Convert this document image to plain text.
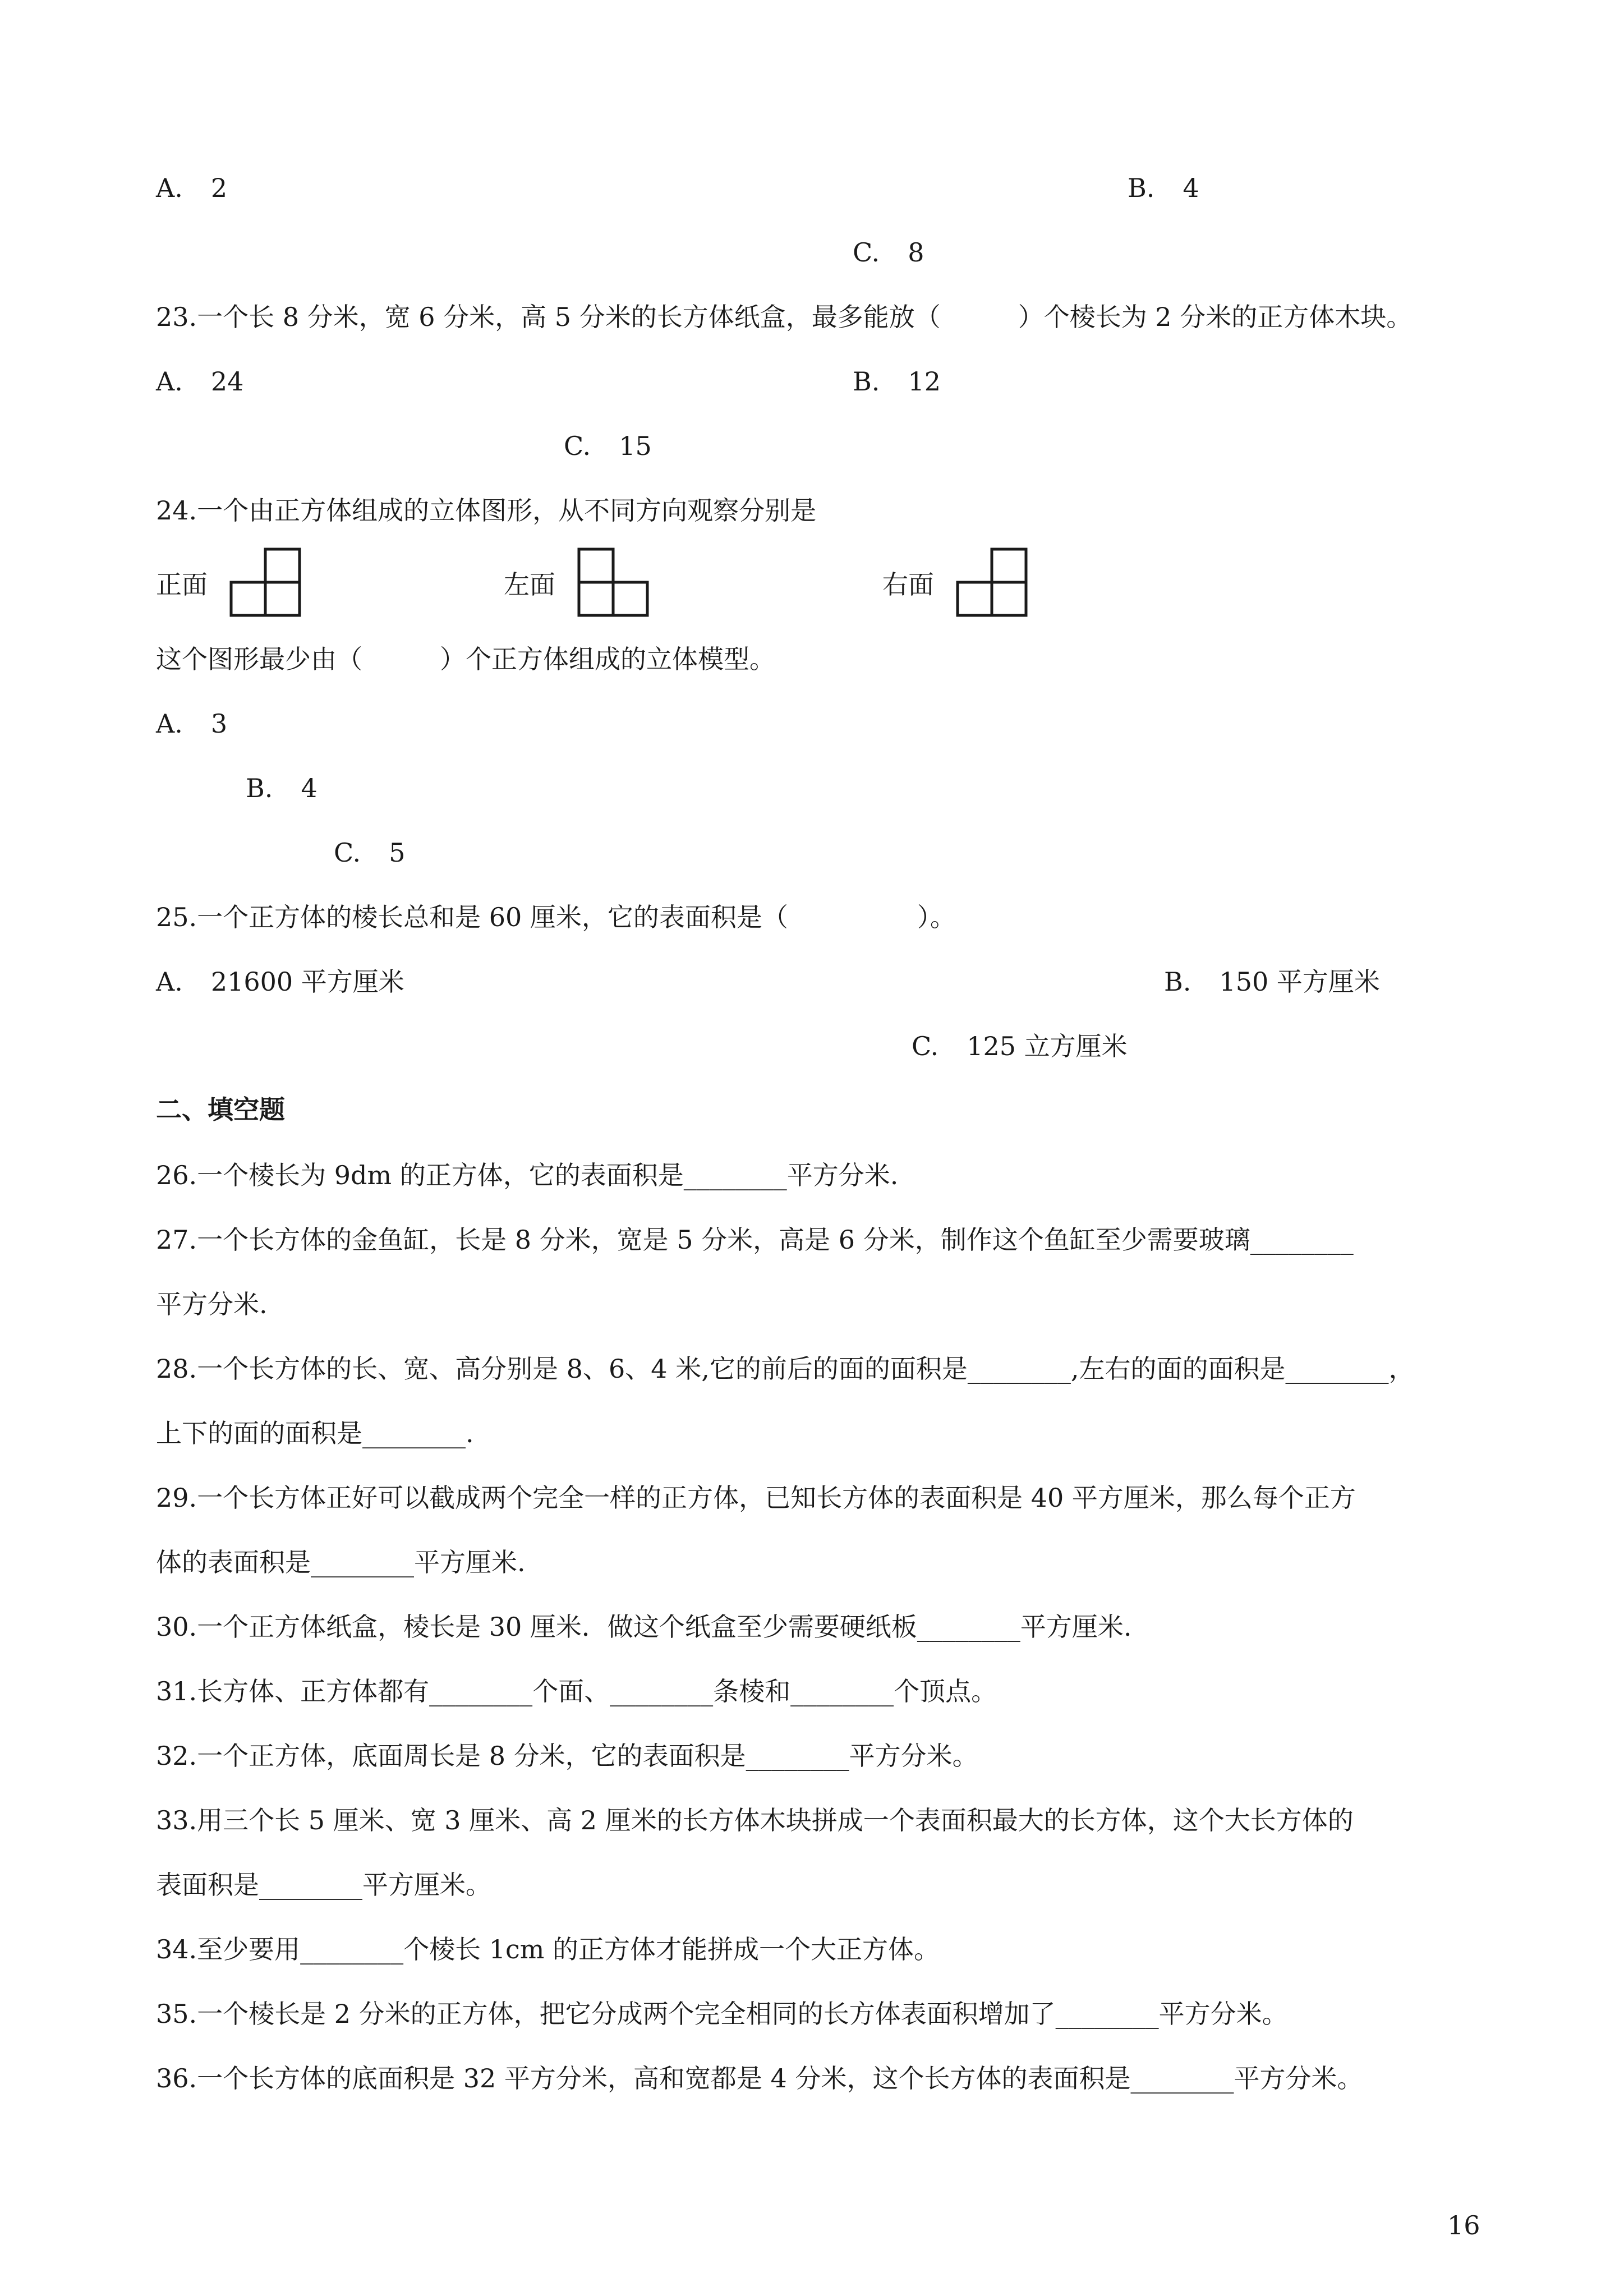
A. 2	B. 4
C. 8
23.一个长 8 分米，宽 6 分米，高 5 分米的长方体纸盒，最多能放（　　　）个棱长为 2 分米的正方体木块。
A. 24	B. 12
C. 15
24.一个由正方体组成的立体图形，从不同方向观察分别是
正面	左面	右面
这个图形最少由（　　　）个正方体组成的立体模型。
A. 3
B. 4
C. 5
25.一个正方体的棱长总和是 60 厘米，它的表面积是（　　　　　）。
A. 21600 平方厘米	B. 150 平方厘米
C. 125 立方厘米
二、填空题
26.一个棱长为 9dm 的正方体，它的表面积是________平方分米.
27.一个长方体的金鱼缸，长是 8 分米，宽是 5 分米，高是 6 分米，制作这个鱼缸至少需要玻璃________
平方分米.
28.一个长方体的长、宽、高分别是 8、6、4 米,它的前后的面的面积是________,左右的面的面积是________，
上下的面的面积是________.
29.一个长方体正好可以截成两个完全一样的正方体，已知长方体的表面积是 40 平方厘米，那么每个正方
体的表面积是________平方厘米.
30.一个正方体纸盒，棱长是 30 厘米．做这个纸盒至少需要硬纸板________平方厘米.
31.长方体、正方体都有________个面、________条棱和________个顶点。
32.一个正方体，底面周长是 8 分米，它的表面积是________平方分米。
33.用三个长 5 厘米、宽 3 厘米、高 2 厘米的长方体木块拼成一个表面积最大的长方体，这个大长方体的
表面积是________平方厘米。
34.至少要用________个棱长 1cm 的正方体才能拼成一个大正方体。
35.一个棱长是 2 分米的正方体，把它分成两个完全相同的长方体表面积增加了________平方分米。
36.一个长方体的底面积是 32 平方分米，高和宽都是 4 分米，这个长方体的表面积是________平方分米。
16
